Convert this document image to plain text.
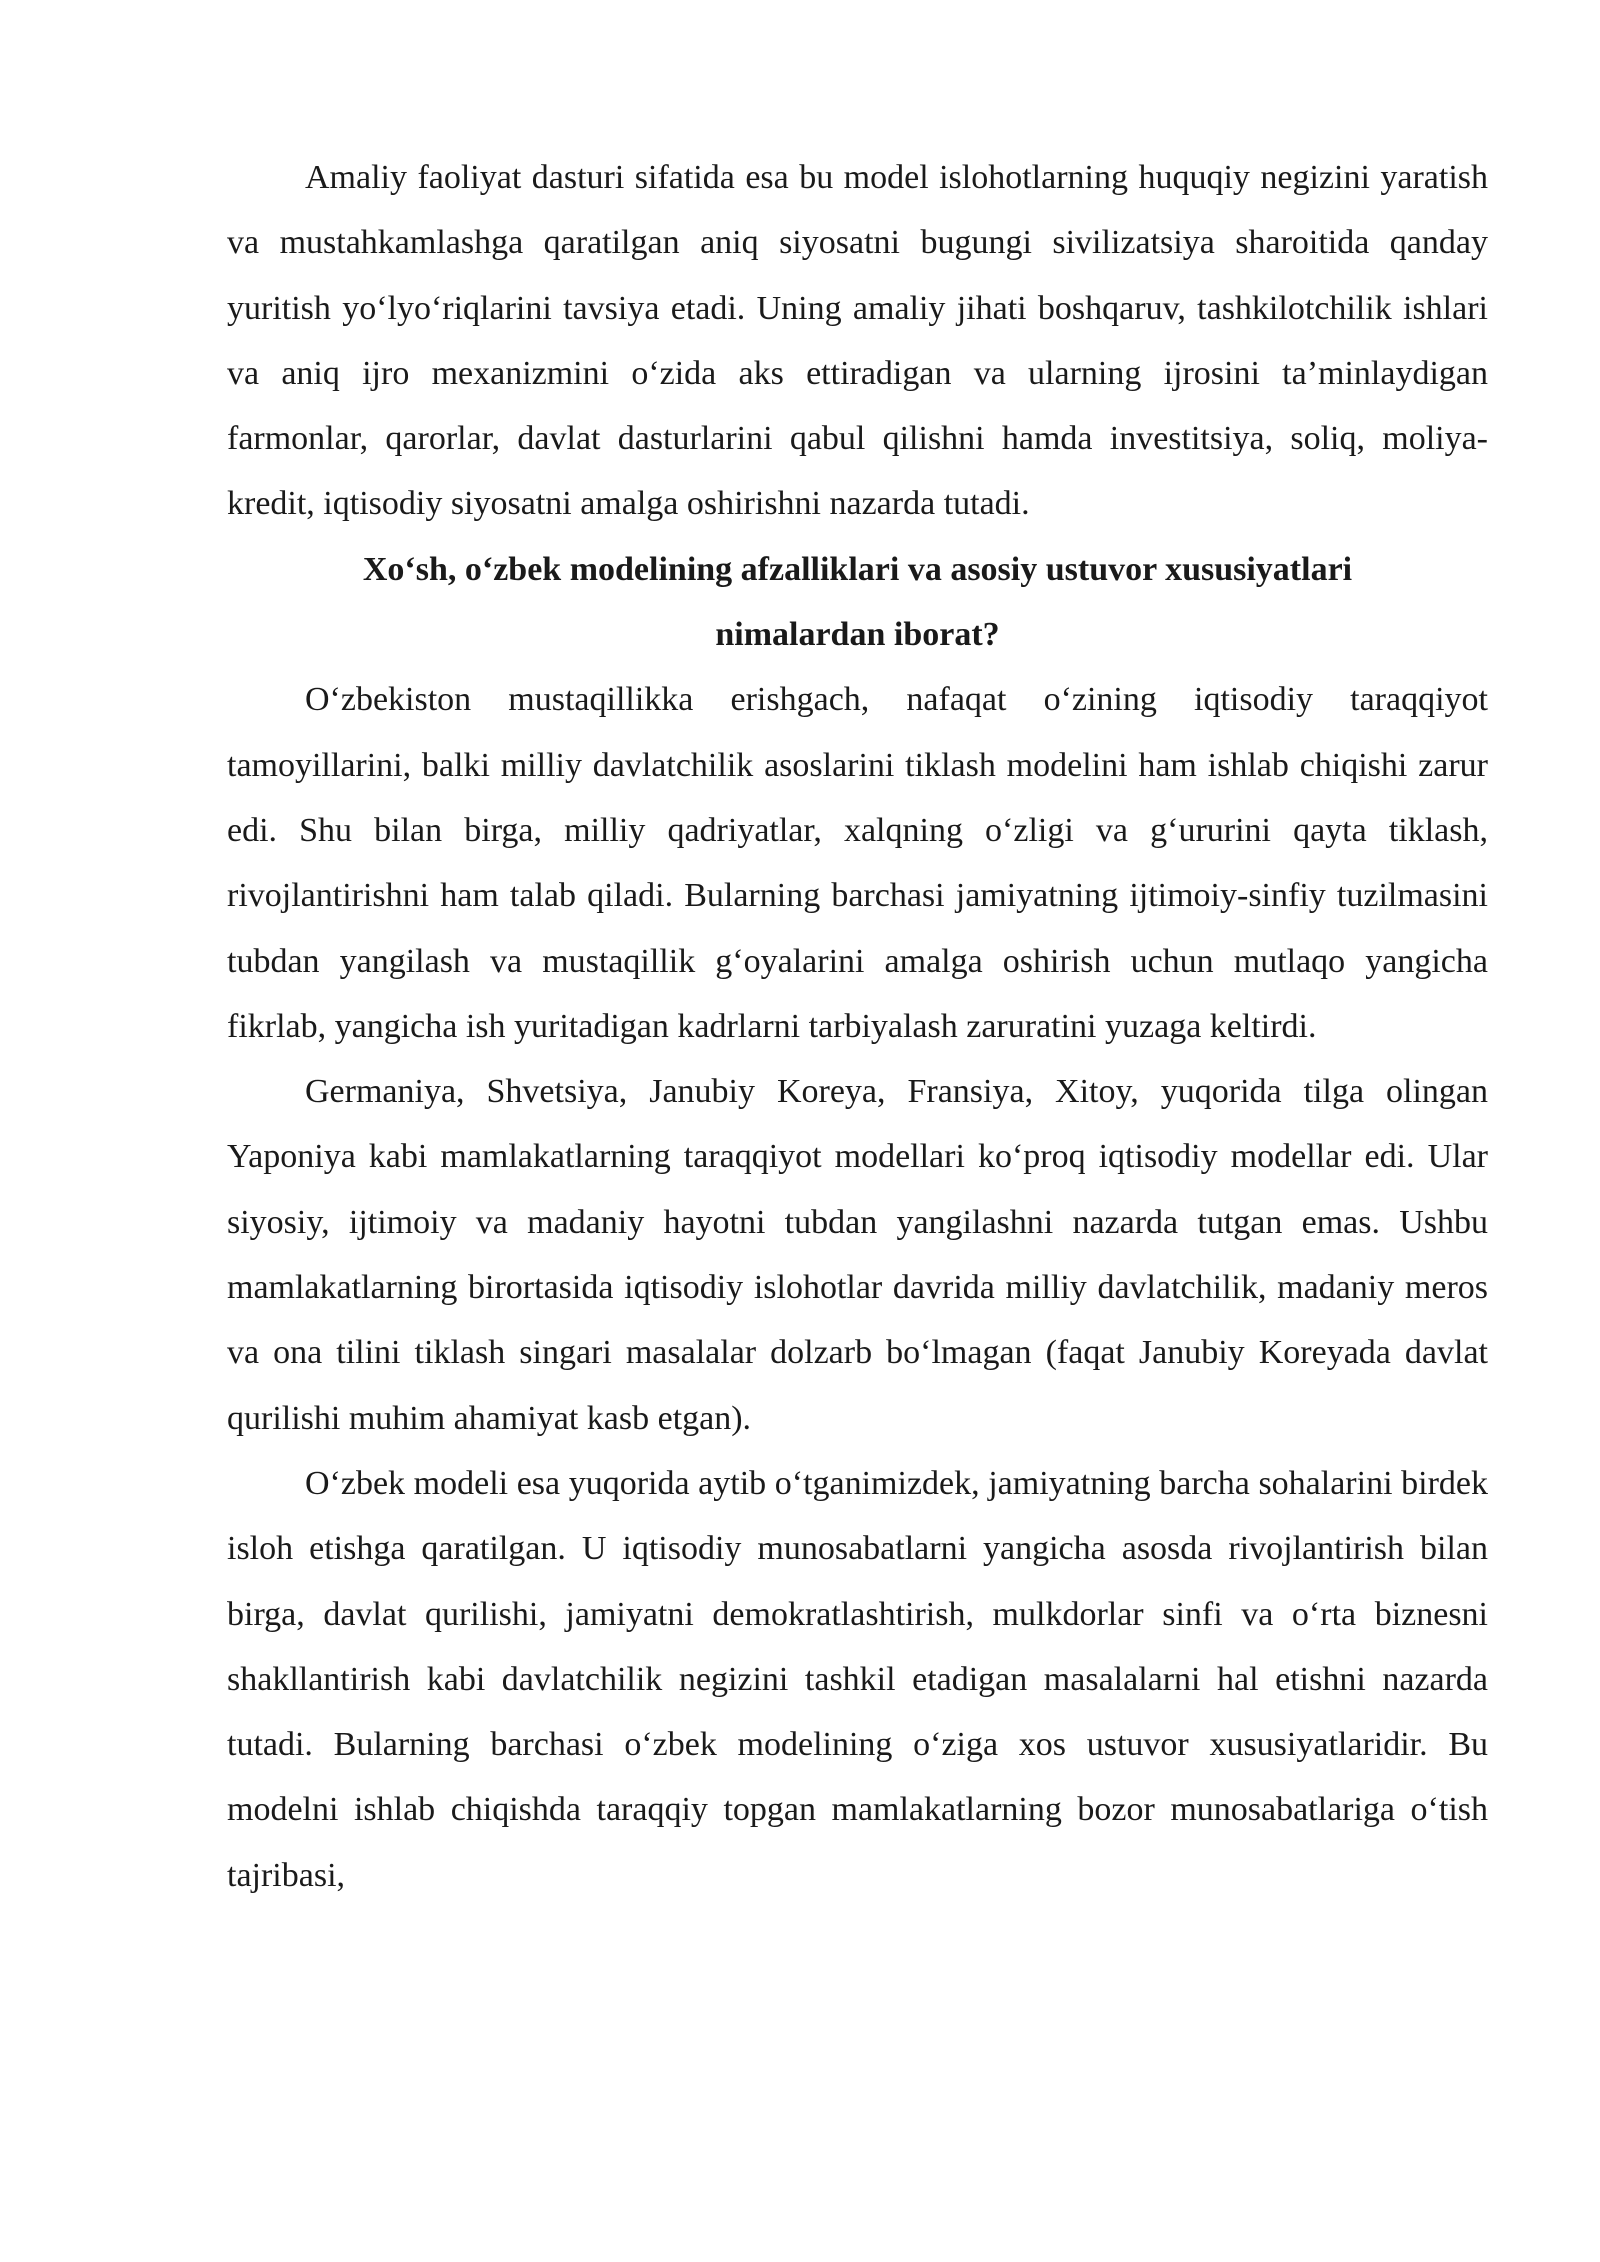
Amaliy faoliyat dasturi sifatida esa bu model islohotlarning huquqiy negizini yaratish va mustahkamlashga qaratilgan aniq siyosatni bugungi sivilizatsiya sharoitida qanday yuritish yo‘lyo‘riqlarini tavsiya etadi. Uning amaliy jihati boshqaruv, tashkilotchilik ishlari va aniq ijro mexanizmini o‘zida aks ettiradigan va ularning ijrosini ta’minlaydigan farmonlar, qarorlar, davlat dasturlarini qabul qilishni hamda investitsiya, soliq, moliya-kredit, iqtisodiy siyosatni amalga oshirishni nazarda tutadi.

Xo‘sh, o‘zbek modelining afzalliklari va asosiy ustuvor xususiyatlari nimalardan iborat?

O‘zbekiston mustaqillikka erishgach, nafaqat o‘zining iqtisodiy taraqqiyot tamoyillarini, balki milliy davlatchilik asoslarini tiklash modelini ham ishlab chiqishi zarur edi. Shu bilan birga, milliy qadriyatlar, xalqning o‘zligi va g‘ururini qayta tiklash, rivojlantirishni ham talab qiladi. Bularning barchasi jamiyatning ijtimoiy-sinfiy tuzilmasini tubdan yangilash va mustaqillik g‘oyalarini amalga oshirish uchun mutlaqo yangicha fikrlab, yangicha ish yuritadigan kadrlarni tarbiyalash zaruratini yuzaga keltirdi.

Germaniya, Shvetsiya, Janubiy Koreya, Fransiya, Xitoy, yuqorida tilga olingan Yaponiya kabi mamlakatlarning taraqqiyot modellari ko‘proq iqtisodiy modellar edi. Ular siyosiy, ijtimoiy va madaniy hayotni tubdan yangilashni nazarda tutgan emas. Ushbu mamlakatlarning birortasida iqtisodiy islohotlar davrida milliy davlatchilik, madaniy meros va ona tilini tiklash singari masalalar dolzarb bo‘lmagan (faqat Janubiy Koreyada davlat qurilishi muhim ahamiyat kasb etgan).

O‘zbek modeli esa yuqorida aytib o‘tganimizdek, jamiyatning barcha sohalarini birdek isloh etishga qaratilgan. U iqtisodiy munosabatlarni yangicha asosda rivojlantirish bilan birga, davlat qurilishi, jamiyatni demokratlashtirish, mulkdorlar sinfi va o‘rta biznesni shakllantirish kabi davlatchilik negizini tashkil etadigan masalalarni hal etishni nazarda tutadi. Bularning barchasi o‘zbek modelining o‘ziga xos ustuvor xususiyatlaridir. Bu modelni ishlab chiqishda taraqqiy topgan mamlakatlarning bozor munosabatlariga o‘tish tajribasi,
